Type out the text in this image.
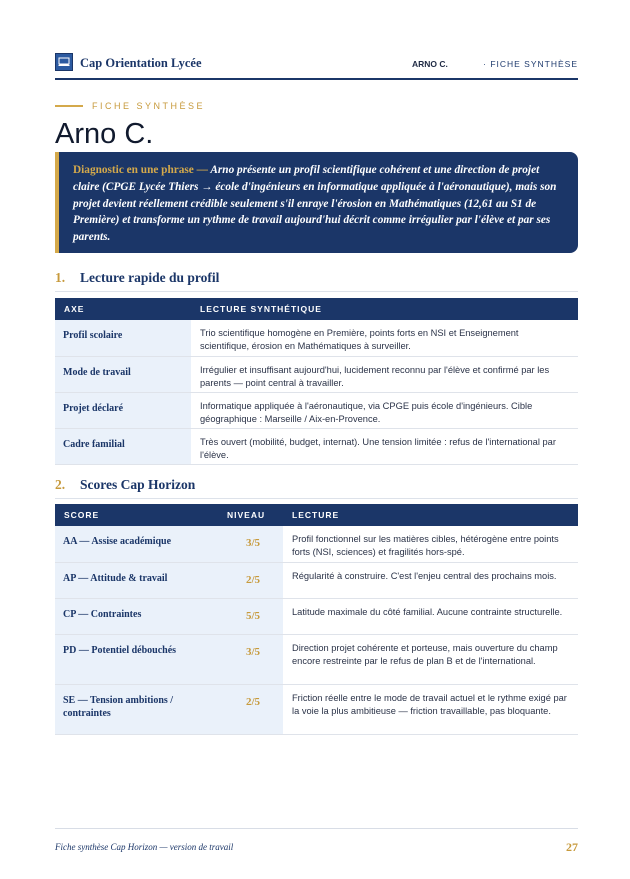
Cap Orientation Lycée	ARNO C.	· FICHE SYNTHÈSE
FICHE SYNTHÈSE
Arno C.

Diagnostic en une phrase — Arno présente un profil scientifique cohérent et une direction de projet claire (CPGE Lycée Thiers → école d'ingénieurs en informatique appliquée à l'aéronautique), mais son projet devient réellement crédible seulement s'il enraye l'érosion en Mathématiques (12,61 au S1 de Première) et transforme un rythme de travail aujourd'hui décrit comme irrégulier par l'élève et par ses parents.

1. Lecture rapide du profil
AXE	LECTURE SYNTHÉTIQUE
Profil scolaire	Trio scientifique homogène en Première, points forts en NSI et Enseignement scientifique, érosion en Mathématiques à surveiller.
Mode de travail	Irrégulier et insuffisant aujourd'hui, lucidement reconnu par l'élève et confirmé par les parents — point central à travailler.
Projet déclaré	Informatique appliquée à l'aéronautique, via CPGE puis école d'ingénieurs. Cible géographique : Marseille / Aix-en-Provence.
Cadre familial	Très ouvert (mobilité, budget, internat). Une tension limitée : refus de l'international par l'élève.
2. Scores Cap Horizon
SCORE	NIVEAU	LECTURE
AA — Assise académique	3/5	Profil fonctionnel sur les matières cibles, hétérogène entre points forts (NSI, sciences) et fragilités hors-spé.
AP — Attitude & travail	2/5	Régularité à construire. C'est l'enjeu central des prochains mois.
CP — Contraintes	5/5	Latitude maximale du côté familial. Aucune contrainte structurelle.
PD — Potentiel débouchés	3/5	Direction projet cohérente et porteuse, mais ouverture du champ encore restreinte par le refus de plan B et de l'international.
SE — Tension ambitions / contraintes	2/5	Friction réelle entre le mode de travail actuel et le rythme exigé par la voie la plus ambitieuse — friction travaillable, pas bloquante.
Fiche synthèse Cap Horizon — version de travail	27
